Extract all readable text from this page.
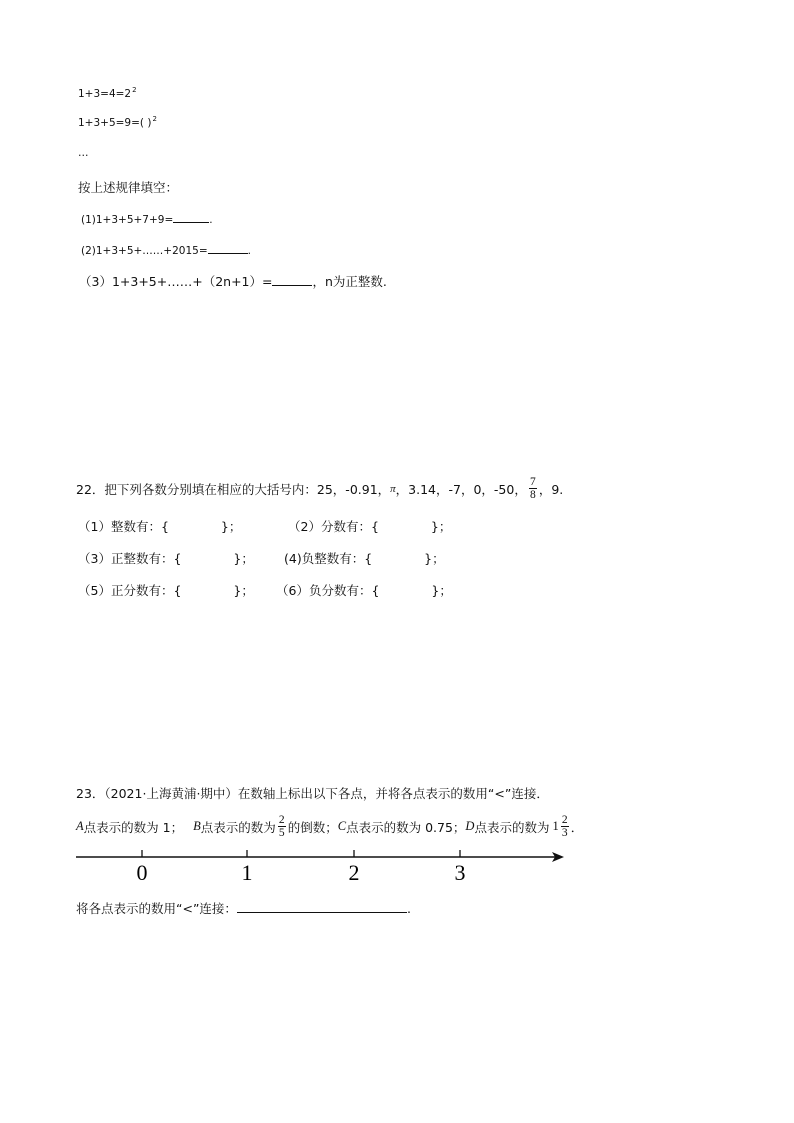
$1+3=4=2^2$
1+3+5=9=( )$^2$
…
按上述规律填空：
(1)1+3+5+7+9=	.
(2)1+3+5+……+2015=	.
（3）1+3+5+……+（2n+1）=	，n为正整数.
22．把下列各数分别填在相应的大括号内：25，-0.91， π ，3.14，-7，0，-50， $\frac{7}{8}$ ，9.
（1）整数有：{	}；	（2）分数有：{	}；
（3）正整数有：{	}； (4)负整数有：{	}；
（5）正分数有：{	}； （6）负分数有：{	}；
23．（2021·上海黄浦·期中）在数轴上标出以下各点，并将各点表示的数用“<”连接．
A 点表示的数为 1； B 点表示的数为 $\frac{2}{5}$ 的倒数； C 点表示的数为 0.75； D 点表示的数为 $1 \frac{2}{3}$ ．
0	1	2	3
将各点表示的数用“<”连接：	.
